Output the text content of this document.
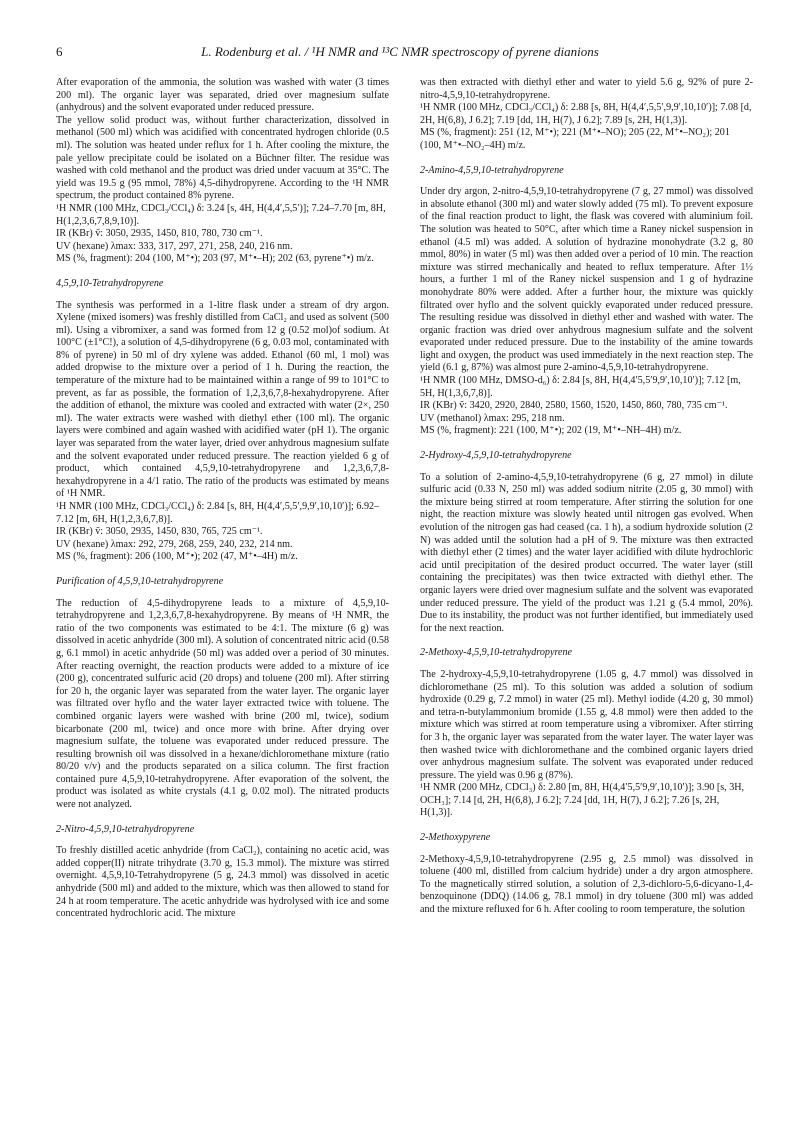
6	L. Rodenburg et al. / ¹H NMR and ¹³C NMR spectroscopy of pyrene dianions

After evaporation of the ammonia, the solution was washed with water (3 times 200 ml). The organic layer was separated, dried over magnesium sulfate (anhydrous) and the solvent evaporated under reduced pressure.

The yellow solid product was, without further characterization, dissolved in methanol (500 ml) which was acidified with concentrated hydrogen chloride (0.5 ml). The solution was heated under reflux for 1 h. After cooling the mixture, the pale yellow precipitate could be isolated on a Büchner filter. The residue was washed with cold methanol and the product was dried under vacuum at 35°C. The yield was 19.5 g (95 mmol, 78%) 4,5-dihydropyrene. According to the ¹H NMR spectrum, the product contained 8% pyrene.

¹H NMR (100 MHz, CDCl₃/CCl₄) δ: 3.24 [s, 4H, H(4,4′,5,5′)]; 7.24–7.70 [m, 8H, H(1,2,3,6,7,8,9,10)].

IR (KBr) ṽ: 3050, 2935, 1450, 810, 780, 730 cm⁻¹.

UV (hexane) λmax: 333, 317, 297, 271, 258, 240, 216 nm.

MS (%, fragment): 204 (100, M⁺•); 203 (97, M⁺•–H); 202 (63, pyrene⁺•) m/z.

4,5,9,10-Tetrahydropyrene

The synthesis was performed in a 1-litre flask under a stream of dry argon. Xylene (mixed isomers) was freshly distilled from CaCl₂ and used as solvent (500 ml). Using a vibromixer, a sand was formed from 12 g (0.52 mol)of sodium. At 100°C (±1°C!), a solution of 4,5-dihydropyrene (6 g, 0.03 mol, contaminated with 8% of pyrene) in 50 ml of dry xylene was added. Ethanol (60 ml, 1 mol) was added dropwise to the mixture over a period of 1 h. During the reaction, the temperature of the mixture had to be maintained within a range of 99 to 101°C to prevent, as far as possible, the formation of 1,2,3,6,7,8-hexahydropyrene. After the addition of ethanol, the mixture was cooled and extracted with water (2×, 250 ml). The water extracts were washed with diethyl ether (100 ml). The organic layers were combined and again washed with acidified water (pH 1). The organic layer was separated from the water layer, dried over anhydrous magnesium sulfate and the solvent evaporated under reduced pressure. The reaction yielded 6 g of product, which contained 4,5,9,10-tetrahydropyrene and 1,2,3,6,7,8-hexahydropyrene in a 4/1 ratio. The ratio of the products was estimated by means of ¹H NMR.

¹H NMR (100 MHz, CDCl₃/CCl₄) δ: 2.84 [s, 8H, H(4,4′,5,5′,9,9′,10,10′)]; 6.92–7.12 [m, 6H, H(1,2,3,6,7,8)].

IR (KBr) ṽ: 3050, 2935, 1450, 830, 765, 725 cm⁻¹.

UV (hexane) λmax: 292, 279, 268, 259, 240, 232, 214 nm.

MS (%, fragment): 206 (100, M⁺•); 202 (47, M⁺•–4H) m/z.

Purification of 4,5,9,10-tetrahydropyrene

The reduction of 4,5-dihydropyrene leads to a mixture of 4,5,9,10-tetrahydropyrene and 1,2,3,6,7,8-hexahydropyrene. By means of ¹H NMR, the ratio of the two components was estimated to be 4:1. The mixture (6 g) was dissolved in acetic anhydride (300 ml). A solution of concentrated nitric acid (0.58 g, 6.1 mmol) in acetic anhydride (50 ml) was added over a period of 30 minutes. After reacting overnight, the reaction products were added to a mixture of ice (200 g), concentrated sulfuric acid (20 drops) and toluene (200 ml). After stirring for 20 h, the organic layer was separated from the water layer. The organic layer was filtrated over hyflo and the water layer extracted twice with toluene. The combined organic layers were washed with brine (200 ml, twice), sodium bicarbonate (200 ml, twice) and once more with brine. After drying over magnesium sulfate, the toluene was evaporated under reduced pressure. The resulting brownish oil was dissolved in a hexane/dichloromethane mixture (ratio 80/20 v/v) and the products separated on a silica column. The first fraction contained pure 4,5,9,10-tetrahydropyrene. After evaporation of the solvent, the product was isolated as white crystals (4.1 g, 0.02 mol). The nitrated products were not analyzed.

2-Nitro-4,5,9,10-tetrahydropyrene

To freshly distilled acetic anhydride (from CaCl₂), containing no acetic acid, was added copper(II) nitrate trihydrate (3.70 g, 15.3 mmol). The mixture was stirred overnight. 4,5,9,10-Tetrahydropyrene (5 g, 24.3 mmol) was dissolved in acetic anhydride (500 ml) and added to the mixture, which was then allowed to stand for 24 h at room temperature. The acetic anhydride was hydrolysed with ice and some concentrated hydrochloric acid. The mixture

was then extracted with diethyl ether and water to yield 5.6 g, 92% of pure 2-nitro-4,5,9,10-tetrahydropyrene.

¹H NMR (100 MHz, CDCl₃/CCl₄) δ: 2.88 [s, 8H, H(4,4′,5,5′,9,9′,10,10′)]; 7.08 [d, 2H, H(6,8), J 6.2]; 7.19 [dd, 1H, H(7), J 6.2]; 7.89 [s, 2H, H(1,3)].

MS (%, fragment): 251 (12, M⁺•); 221 (M⁺•–NO); 205 (22, M⁺•–NO₂); 201 (100, M⁺•–NO₂–4H) m/z.

2-Amino-4,5,9,10-tetrahydropyrene

Under dry argon, 2-nitro-4,5,9,10-tetrahydropyrene (7 g, 27 mmol) was dissolved in absolute ethanol (300 ml) and water slowly added (75 ml). To prevent exposure of the final reaction product to light, the flask was covered with aluminium foil. The solution was heated to 50°C, after which time a Raney nickel suspension in ethanol (4.5 ml) was added. A solution of hydrazine monohydrate (3.2 g, 80 mmol, 80%) in water (5 ml) was then added over a period of 10 min. The reaction mixture was stirred mechanically and heated to reflux temperature. After 1½ hours, a further 1 ml of the Raney nickel suspension and 1 g of hydrazine monohydrate 80% were added. After a further hour, the mixture was quickly filtrated over hyflo and the solvent quickly evaporated under reduced pressure. The resulting residue was dissolved in diethyl ether and washed with water. The organic fraction was dried over anhydrous magnesium sulfate and the solvent evaporated under reduced pressure. Due to the instability of the amine towards light and oxygen, the product was used immediately in the next reaction step. The yield (6.1 g, 87%) was almost pure 2-amino-4,5,9,10-tetrahydropyrene.

¹H NMR (100 MHz, DMSO-d₆) δ: 2.84 [s, 8H, H(4,4′5,5′9,9′,10,10′)]; 7.12 [m, 5H, H(1,3,6,7,8)].

IR (KBr) ṽ: 3420, 2920, 2840, 2580, 1560, 1520, 1450, 860, 780, 735 cm⁻¹.

UV (methanol) λmax: 295, 218 nm.

MS (%, fragment): 221 (100, M⁺•); 202 (19, M⁺•–NH–4H) m/z.

2-Hydroxy-4,5,9,10-tetrahydropyrene

To a solution of 2-amino-4,5,9,10-tetrahydropyrene (6 g, 27 mmol) in dilute sulfuric acid (0.33 N, 250 ml) was added sodium nitrite (2.05 g, 30 mmol) with the mixture being stirred at room temperature. After stirring the solution for one night, the reaction mixture was slowly heated until nitrogen gas evolved. When evolution of the nitrogen gas had ceased (ca. 1 h), a sodium hydroxide solution (2 N) was added until the solution had a pH of 9. The mixture was then extracted with diethyl ether (2 times) and the water layer acidified with dilute hydrochloric acid until precipitation of the desired product occurred. The water layer (still containing the precipitates) was then twice extracted with diethyl ether. The organic layers were dried over magnesium sulfate and the solvent was evaporated under reduced pressure. The yield of the product was 1.21 g (5.4 mmol, 20%). Due to its instability, the product was not further identified, but immediately used for the next reaction.

2-Methoxy-4,5,9,10-tetrahydropyrene

The 2-hydroxy-4,5,9,10-tetrahydropyrene (1.05 g, 4.7 mmol) was dissolved in dichloromethane (25 ml). To this solution was added a solution of sodium hydroxide (0.29 g, 7.2 mmol) in water (25 ml). Methyl iodide (4.20 g, 30 mmol) and tetra-n-butylammonium bromide (1.55 g, 4.8 mmol) were then added to the mixture which was stirred at room temperature using a vibromixer. After stirring for 3 h, the organic layer was separated from the water layer. The water layer was then washed twice with dichloromethane and the combined organic layers dried over anhydrous magnesium sulfate. The solvent was evaporated under reduced pressure. The yield was 0.96 g (87%).

¹H NMR (200 MHz, CDCl₃) δ: 2.80 [m, 8H, H(4,4′5,5′9,9′,10,10′)]; 3.90 [s, 3H, OCH₃]; 7.14 [d, 2H, H(6,8), J 6.2]; 7.24 [dd, 1H, H(7), J 6.2]; 7.26 [s, 2H, H(1,3)].

2-Methoxypyrene

2-Methoxy-4,5,9,10-tetrahydropyrene (2.95 g, 2.5 mmol) was dissolved in toluene (400 ml, distilled from calcium hydride) under a dry argon atmosphere. To the magnetically stirred solution, a solution of 2,3-dichloro-5,6-dicyano-1,4-benzoquinone (DDQ) (14.06 g, 78.1 mmol) in dry toluene (300 ml) was added and the mixture refluxed for 6 h. After cooling to room temperature, the solution
